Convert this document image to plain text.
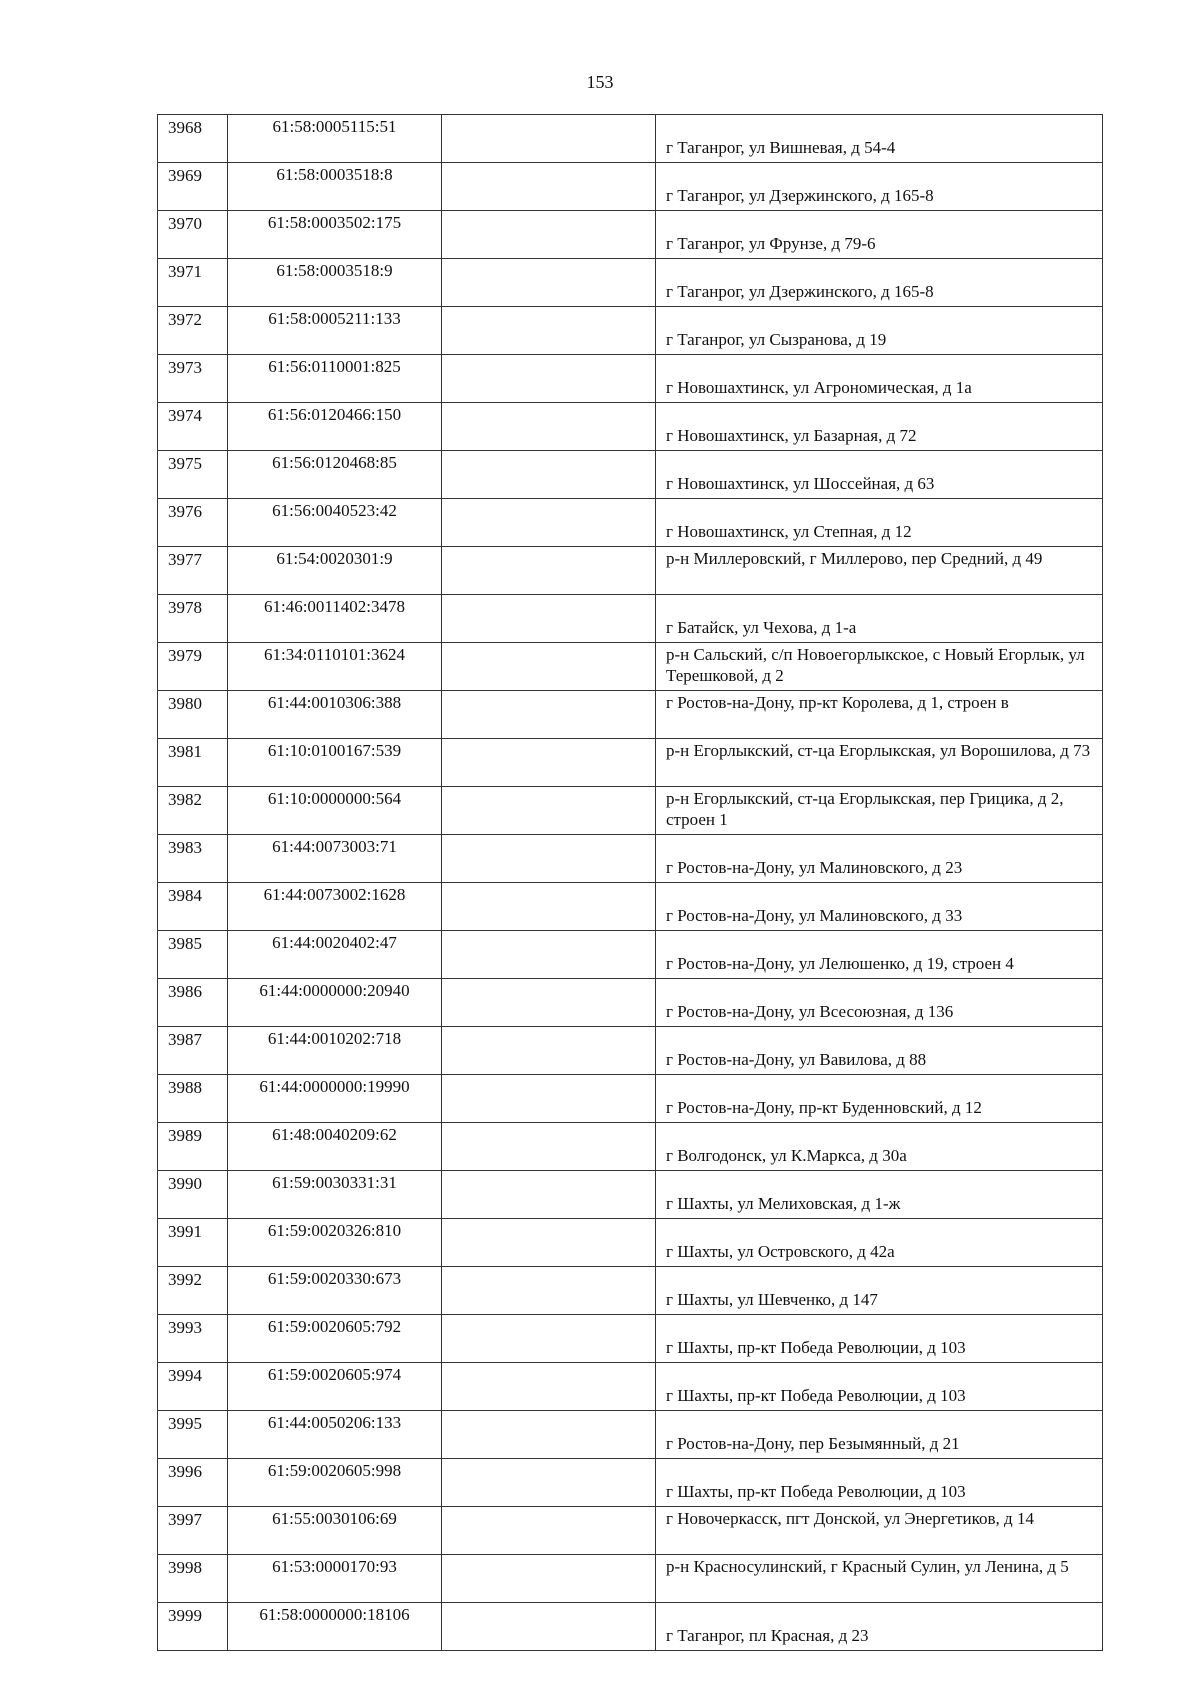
153
3968	61:58:0005115:51		г Таганрог, ул Вишневая, д 54-4

3969	61:58:0003518:8		г Таганрог, ул Дзержинского, д 165-8

3970	61:58:0003502:175		г Таганрог, ул Фрунзе, д 79-6

3971	61:58:0003518:9		г Таганрог, ул Дзержинского, д 165-8

3972	61:58:0005211:133		г Таганрог, ул Сызранова, д 19

3973	61:56:0110001:825		г Новошахтинск, ул Агрономическая, д 1а

3974	61:56:0120466:150		г Новошахтинск, ул Базарная, д 72

3975	61:56:0120468:85		г Новошахтинск, ул Шоссейная, д 63

3976	61:56:0040523:42		г Новошахтинск, ул Степная, д 12

3977	61:54:0020301:9		р-н Миллеровский, г Миллерово, пер Средний, д 49

3978	61:46:0011402:3478		г Батайск, ул Чехова, д 1-а

3979	61:34:0110101:3624		р-н Сальский, с/п Новоегорлыкское, с Новый Егорлык, ул Терешковой, д 2

3980	61:44:0010306:388		г Ростов-на-Дону, пр-кт Королева, д 1, строен в

3981	61:10:0100167:539		р-н Егорлыкский, ст-ца Егорлыкская, ул Ворошилова, д 73

3982	61:10:0000000:564		р-н Егорлыкский, ст-ца Егорлыкская, пер Грицика, д 2, строен 1

3983	61:44:0073003:71		г Ростов-на-Дону, ул Малиновского, д 23

3984	61:44:0073002:1628		г Ростов-на-Дону, ул Малиновского, д 33

3985	61:44:0020402:47		г Ростов-на-Дону, ул Лелюшенко, д 19, строен 4

3986	61:44:0000000:20940		г Ростов-на-Дону, ул Всесоюзная, д 136

3987	61:44:0010202:718		г Ростов-на-Дону, ул Вавилова, д 88

3988	61:44:0000000:19990		г Ростов-на-Дону, пр-кт Буденновский, д 12

3989	61:48:0040209:62		г Волгодонск, ул К.Маркса, д 30а

3990	61:59:0030331:31		г Шахты, ул Мелиховская, д 1-ж

3991	61:59:0020326:810		г Шахты, ул Островского, д 42а

3992	61:59:0020330:673		г Шахты, ул Шевченко, д 147

3993	61:59:0020605:792		г Шахты, пр-кт Победа Революции, д 103

3994	61:59:0020605:974		г Шахты, пр-кт Победа Революции, д 103

3995	61:44:0050206:133		г Ростов-на-Дону, пер Безымянный, д 21

3996	61:59:0020605:998		г Шахты, пр-кт Победа Революции, д 103

3997	61:55:0030106:69		г Новочеркасск, пгт Донской, ул Энергетиков, д 14

3998	61:53:0000170:93		р-н Красносулинский, г Красный Сулин, ул Ленина, д 5

3999	61:58:0000000:18106		г Таганрог, пл Красная, д 23
